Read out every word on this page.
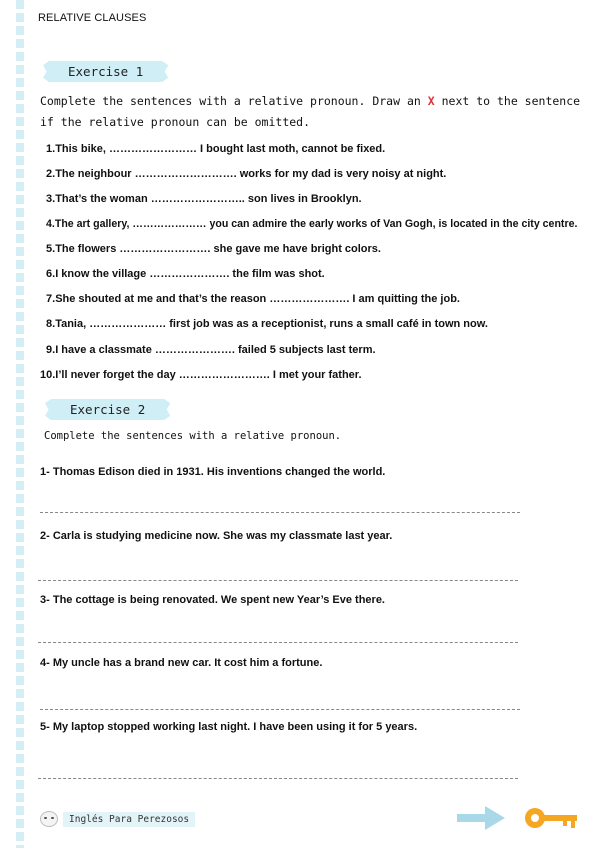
RELATIVE CLAUSES
Exercise 1
Complete the sentences with a relative pronoun. Draw an X next to the sentence if the relative pronoun can be omitted.
1.This bike, …………………… I bought last moth, cannot be fixed.
2.The neighbour ………………………. works for my dad is very noisy at night.
3.That’s the woman …………………….. son lives in Brooklyn.
4.The art gallery, ………………… you can admire the early works of Van Gogh, is located in the city centre.
5.The flowers ……………………. she gave me have bright colors.
6.I know the village …………………. the film was shot.
7.She shouted at me and that’s the reason …………………. I am quitting the job.
8.Tania, ………………… first job was as a receptionist, runs a small café in town now.
9.I have a classmate …………………. failed 5 subjects last term.
10.I’ll never forget the day ……………………. I met your father.
Exercise 2
Complete the sentences with a relative pronoun.
1- Thomas Edison died in 1931. His inventions changed the world.
2- Carla is studying medicine now. She was my classmate last year.
3- The cottage is being renovated. We spent new Year’s Eve there.
4- My uncle has a brand new car. It cost him a fortune.
5- My laptop stopped working last night. I have been using it for 5 years.
Inglés Para Perezosos
